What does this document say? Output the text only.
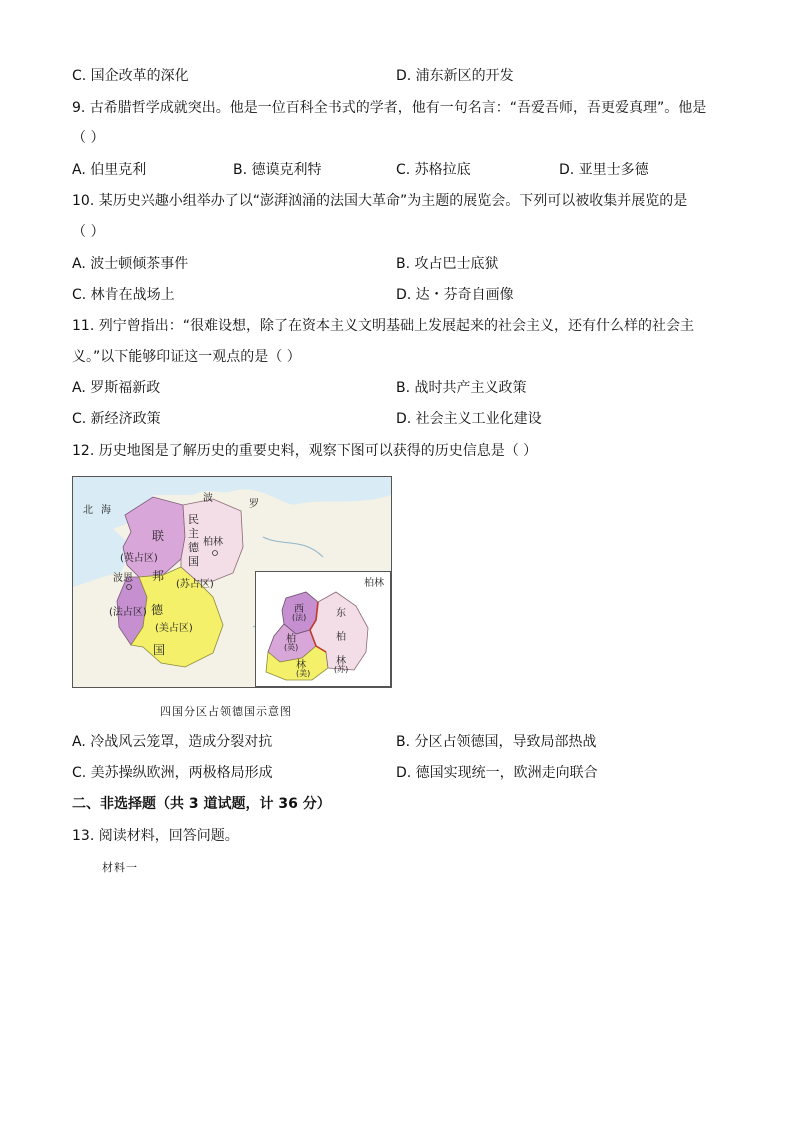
C. 国企改革的深化	D. 浦东新区的开发
9. 古希腊哲学成就突出。他是一位百科全书式的学者，他有一句名言：“吾爱吾师，吾更爱真理”。他是
（ ）
A. 伯里克利	B. 德谟克利特	C. 苏格拉底	D. 亚里士多德
10. 某历史兴趣小组举办了以“澎湃汹涌的法国大革命”为主题的展览会。下列可以被收集并展览的是
（ ）
A. 波士顿倾茶事件	B. 攻占巴士底狱
C. 林肯在战场上	D. 达・芬奇自画像
11. 列宁曾指出：“很难设想，除了在资本主义文明基础上发展起来的社会主义，还有什么样的社会主
义。”以下能够印证这一观点的是（ ）
A. 罗斯福新政	B. 战时共产主义政策
C. 新经济政策	D. 社会主义工业化建设
12. 历史地图是了解历史的重要史料，观察下图可以获得的历史信息是（ ）
北 海
波
罗
联
(英占区)
邦
波恩
(法占区) 德
(美占区)
国
民
主
柏林
德
国
(苏占区)	柏林
西
(法)
柏
(英)
林
(美)
东
柏
林
(苏)
四国分区占领德国示意图
A. 冷战风云笼罩，造成分裂对抗	B. 分区占领德国，导致局部热战
C. 美苏操纵欧洲，两极格局形成	D. 德国实现统一，欧洲走向联合
二、非选择题（共 3 道试题，计 36 分）
13. 阅读材料，回答问题。
材料一
